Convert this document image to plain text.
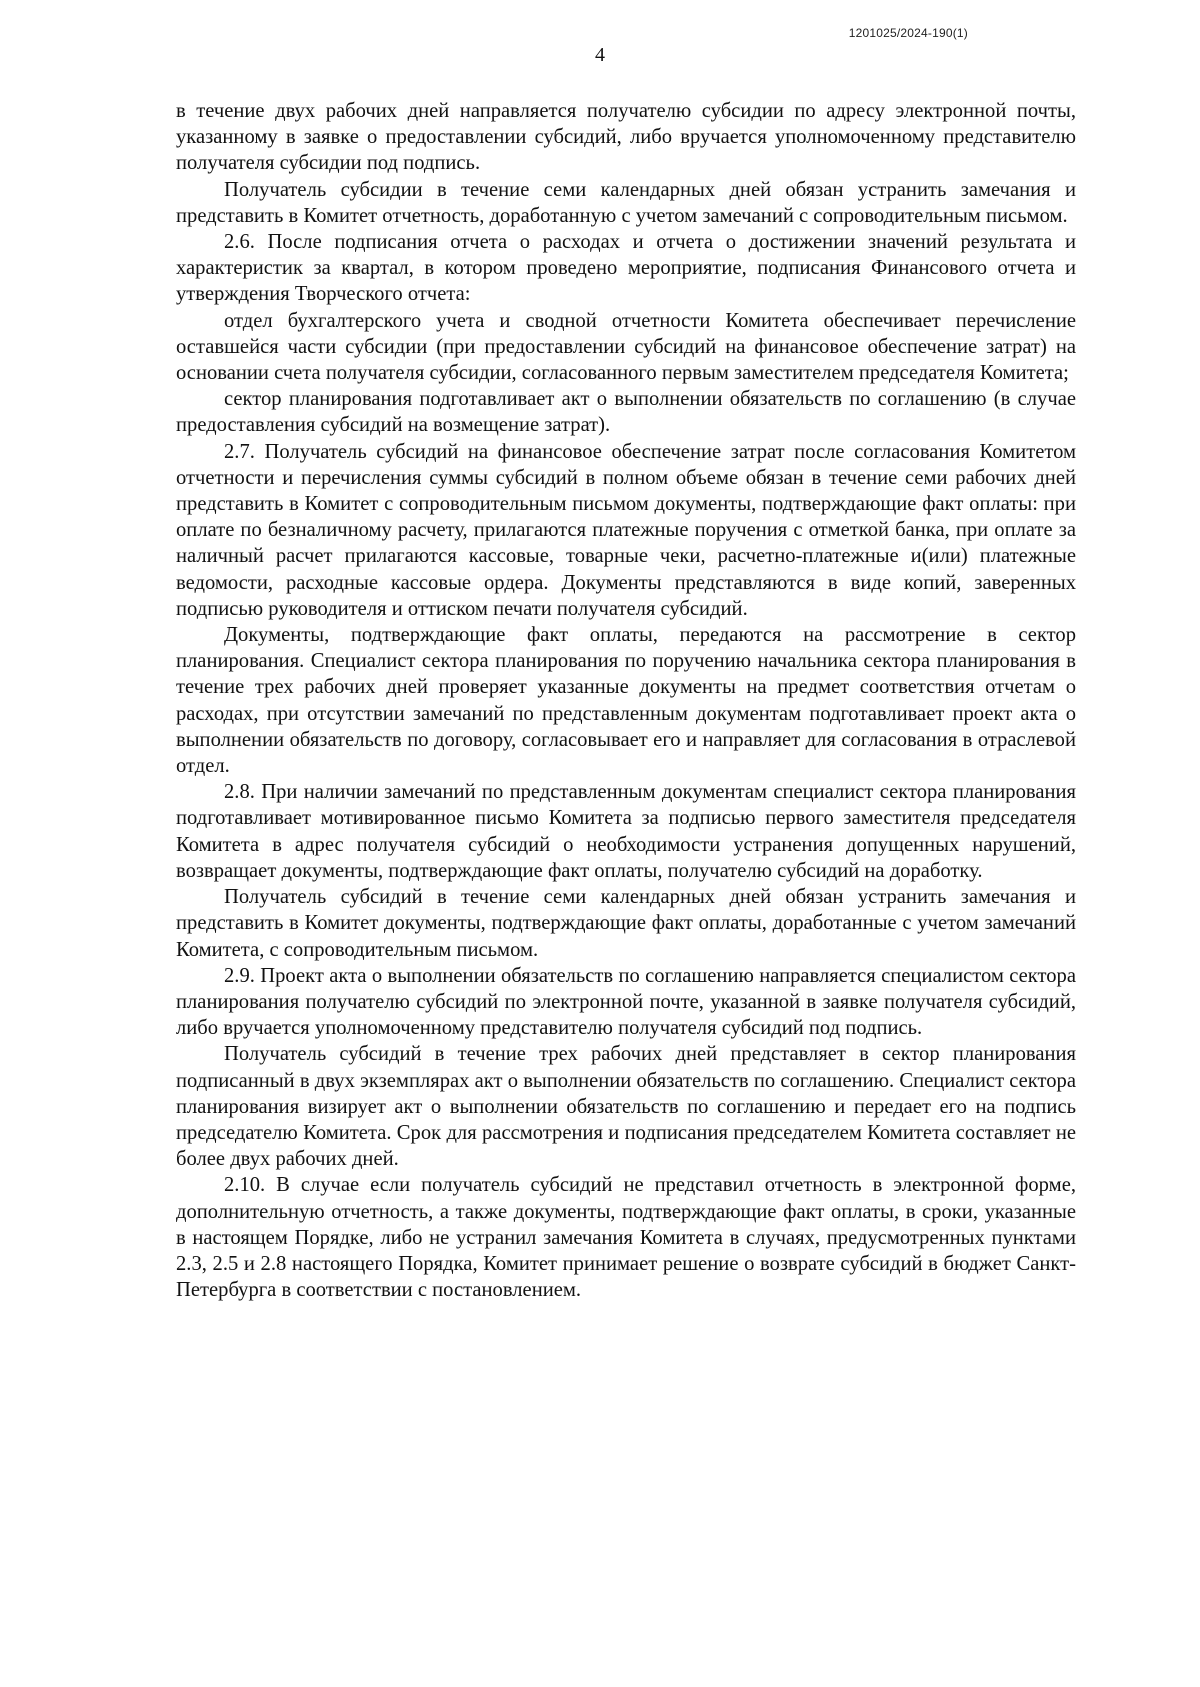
1201025/2024-190(1)
4

в течение двух рабочих дней направляется получателю субсидии по адресу электронной почты, указанному в заявке о предоставлении субсидий, либо вручается уполномоченному представителю получателя субсидии под подпись.

Получатель субсидии в течение семи календарных дней обязан устранить замечания и представить в Комитет отчетность, доработанную с учетом замечаний с сопроводительным письмом.

2.6. После подписания отчета о расходах и отчета о достижении значений результата и характеристик за квартал, в котором проведено мероприятие, подписания Финансового отчета и утверждения Творческого отчета:

отдел бухгалтерского учета и сводной отчетности Комитета обеспечивает перечисление оставшейся части субсидии (при предоставлении субсидий на финансовое обеспечение затрат) на основании счета получателя субсидии, согласованного первым заместителем председателя Комитета;

сектор планирования подготавливает акт о выполнении обязательств по соглашению (в случае предоставления субсидий на возмещение затрат).

2.7. Получатель субсидий на финансовое обеспечение затрат после согласования Комитетом отчетности и перечисления суммы субсидий в полном объеме обязан в течение семи рабочих дней представить в Комитет с сопроводительным письмом документы, подтверждающие факт оплаты: при оплате по безналичному расчету, прилагаются платежные поручения с отметкой банка, при оплате за наличный расчет прилагаются кассовые, товарные чеки, расчетно-платежные и(или) платежные ведомости, расходные кассовые ордера. Документы представляются в виде копий, заверенных подписью руководителя и оттиском печати получателя субсидий.

Документы, подтверждающие факт оплаты, передаются на рассмотрение в сектор планирования. Специалист сектора планирования по поручению начальника сектора планирования в течение трех рабочих дней проверяет указанные документы на предмет соответствия отчетам о расходах, при отсутствии замечаний по представленным документам подготавливает проект акта о выполнении обязательств по договору, согласовывает его и направляет для согласования в отраслевой отдел.

2.8. При наличии замечаний по представленным документам специалист сектора планирования подготавливает мотивированное письмо Комитета за подписью первого заместителя председателя Комитета в адрес получателя субсидий о необходимости устранения допущенных нарушений, возвращает документы, подтверждающие факт оплаты, получателю субсидий на доработку.

Получатель субсидий в течение семи календарных дней обязан устранить замечания и представить в Комитет документы, подтверждающие факт оплаты, доработанные с учетом замечаний Комитета, с сопроводительным письмом.

2.9. Проект акта о выполнении обязательств по соглашению направляется специалистом сектора планирования получателю субсидий по электронной почте, указанной в заявке получателя субсидий, либо вручается уполномоченному представителю получателя субсидий под подпись.

Получатель субсидий в течение трех рабочих дней представляет в сектор планирования подписанный в двух экземплярах акт о выполнении обязательств по соглашению. Специалист сектора планирования визирует акт о выполнении обязательств по соглашению и передает его на подпись председателю Комитета. Срок для рассмотрения и подписания председателем Комитета составляет не более двух рабочих дней.

2.10. В случае если получатель субсидий не представил отчетность в электронной форме, дополнительную отчетность, а также документы, подтверждающие факт оплаты, в сроки, указанные в настоящем Порядке, либо не устранил замечания Комитета в случаях, предусмотренных пунктами 2.3, 2.5 и 2.8 настоящего Порядка, Комитет принимает решение о возврате субсидий в бюджет Санкт-Петербурга в соответствии с постановлением.
